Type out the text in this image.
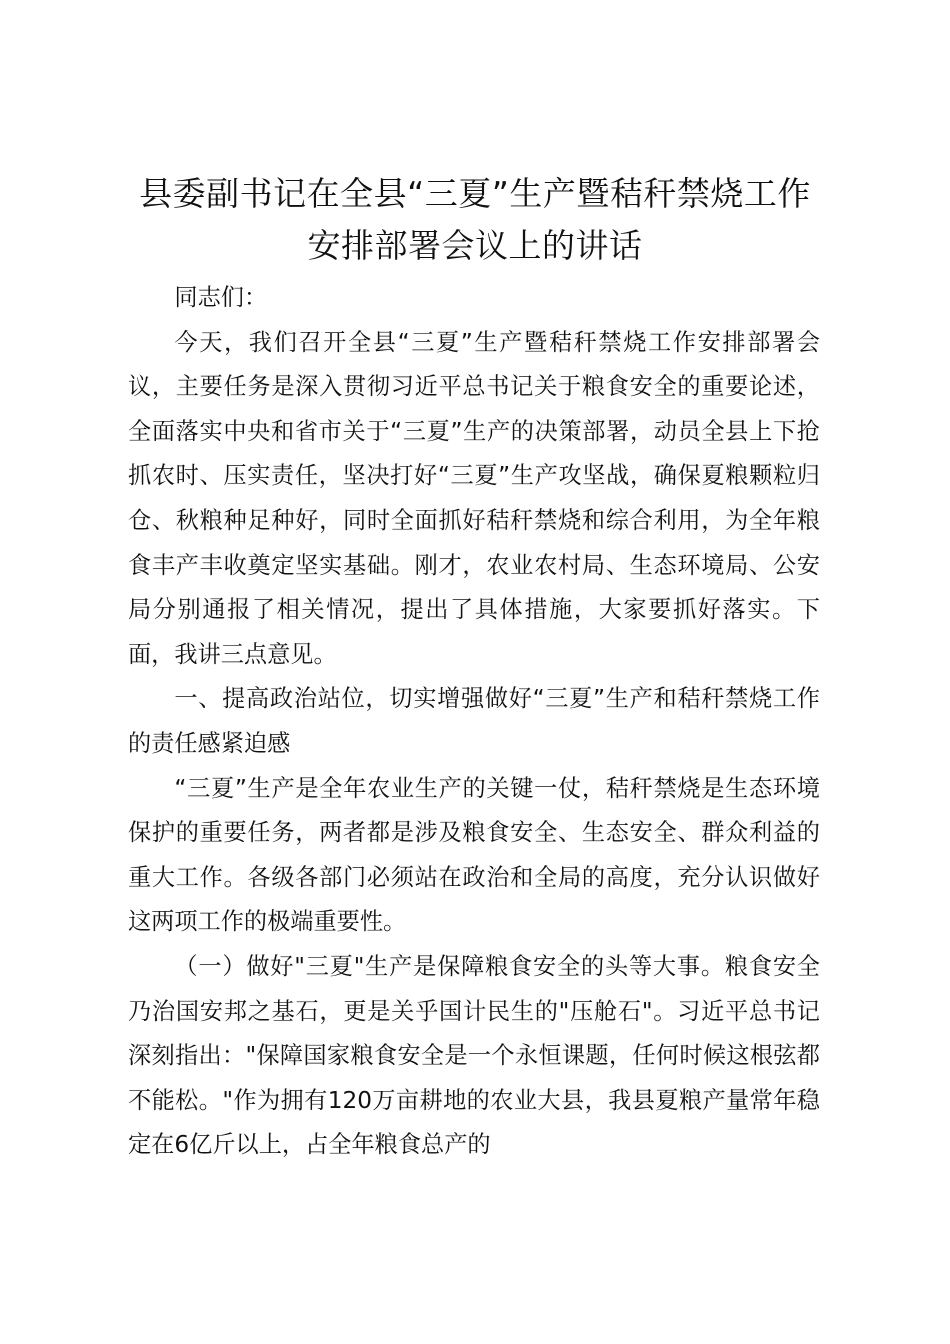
县委副书记在全县“三夏”生产暨秸秆禁烧工作
安排部署会议上的讲话

同志们：

今天，我们召开全县“三夏”生产暨秸秆禁烧工作安排部署会议，主要任务是深入贯彻习近平总书记关于粮食安全的重要论述，全面落实中央和省市关于“三夏”生产的决策部署，动员全县上下抢抓农时、压实责任，坚决打好“三夏”生产攻坚战，确保夏粮颗粒归仓、秋粮种足种好，同时全面抓好秸秆禁烧和综合利用，为全年粮食丰产丰收奠定坚实基础。刚才，农业农村局、生态环境局、公安局分别通报了相关情况，提出了具体措施，大家要抓好落实。下面，我讲三点意见。

一、提高政治站位，切实增强做好“三夏”生产和秸秆禁烧工作的责任感紧迫感

“三夏”生产是全年农业生产的关键一仗，秸秆禁烧是生态环境保护的重要任务，两者都是涉及粮食安全、生态安全、群众利益的重大工作。各级各部门必须站在政治和全局的高度，充分认识做好这两项工作的极端重要性。

（一）做好"三夏"生产是保障粮食安全的头等大事。粮食安全乃治国安邦之基石，更是关乎国计民生的"压舱石"。习近平总书记深刻指出："保障国家粮食安全是一个永恒课题，任何时候这根弦都不能松。"作为拥有120万亩耕地的农业大县，我县夏粮产量常年稳定在6亿斤以上，占全年粮食总产的
